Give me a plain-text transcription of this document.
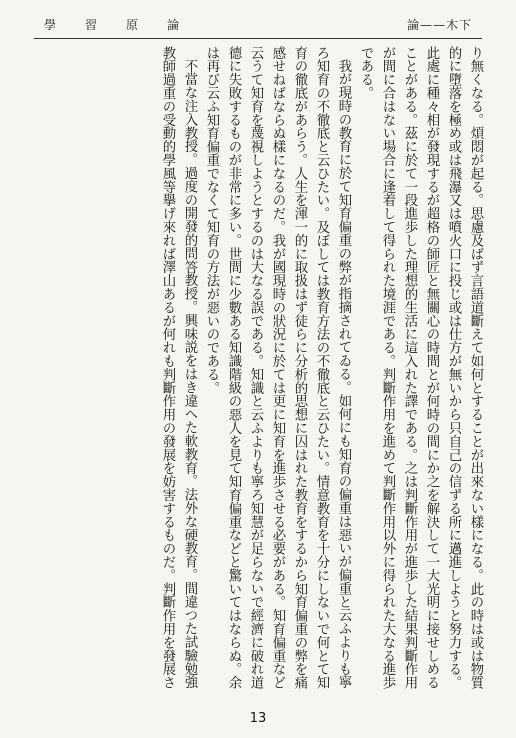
學 習 原 論	論——木下

り無くなる。煩悶が起る。思慮及ばず言語道斷えて如何とすることが出來ない樣になる。此の時は或は物質的に墮落を極め或は飛瀑又は噴火口に投じ或は仕方が無いから只自己の信ずる所に邁進しようと努力する。此處に種々相が發現するが超格の師匠と無關心の時間とが何時の間にか之を解決して一大光明に接せしめることがある。茲に於て一段進歩した理想的生活に這入れた譯である。之は判斷作用が進歩した結果判斷作用が間に合はない場合に逢着して得られた境涯である。判斷作用を進めて判斷作用以外に得られた大なる進歩である。

我が現時の教育に於て知育偏重の弊が指摘されてゐる。如何にも知育の偏重は惡いが偏重と云ふよりも寧ろ知育の不徹底と云ひたい。及ぼしては教育方法の不徹底と云ひたい。情意教育を十分にしないで何とて知育の徹底があらう。人生を渾一的に取扱はず徒らに分析的思想に囚はれた教育をするから知育偏重の弊を痛感せねばならぬ樣になるのだ。我が國現時の狀況に於ては更に知育を進歩させる必要がある。知育偏重など云うて知育を蔑視しようとするのは大なる誤である。知識と云ふよりも寧ろ知慧が足らないで經濟に破れ道德に失敗するものが非常に多い。世間に少數ある知識階級の惡人を見て知育偏重などと驚いてはならぬ。余は再び云ふ知育偏重でなくて知育の方法が惡いのである。

不當な注入教授。過度の開發的問答教授。興味説をはき違へた軟教育。法外な硬教育。間違つた試驗勉強教師過重の受動的學風等擧げ來れば澤山あるが何れも判斷作用の發展を妨害するものだ。判斷作用を發展さ

13
